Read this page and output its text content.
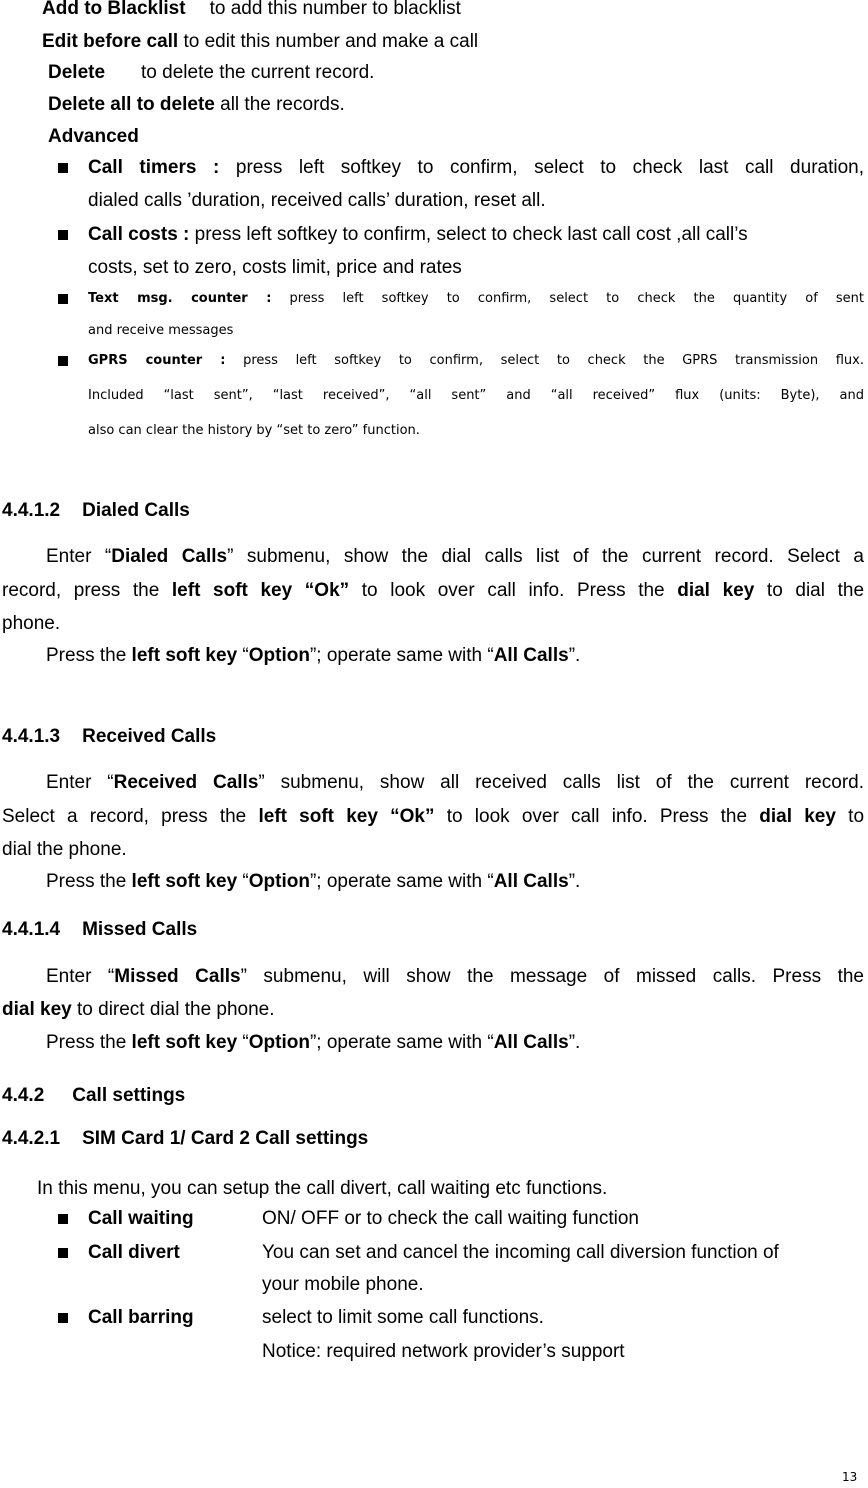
Add to Blacklist to add this number to blacklist
Edit before call to edit this number and make a call
Delete to delete the current record.
Delete all to delete all the records.
Advanced
Call timers : press left softkey to confirm, select to check last call duration,
dialed calls ’duration, received calls’ duration, reset all.
Call costs : press left softkey to confirm, select to check last call cost ,all call’s
costs, set to zero, costs limit, price and rates
Text msg. counter : press left softkey to confirm, select to check the quantity of sent
and receive messages
GPRS counter : press left softkey to confirm, select to check the GPRS transmission flux.
Included “last sent”, “last received”, “all sent” and “all received” flux (units: Byte), and
also can clear the history by “set to zero” function.
4.4.1.2 Dialed Calls
Enter “Dialed Calls” submenu, show the dial calls list of the current record. Select a
record, press the left soft key “Ok” to look over call info. Press the dial key to dial the
phone.
Press the left soft key “Option”; operate same with “All Calls”.
4.4.1.3 Received Calls
Enter “Received Calls” submenu, show all received calls list of the current record.
Select a record, press the left soft key “Ok” to look over call info. Press the dial key to
dial the phone.
Press the left soft key “Option”; operate same with “All Calls”.
4.4.1.4 Missed Calls
Enter “Missed Calls” submenu, will show the message of missed calls. Press the
dial key to direct dial the phone.
Press the left soft key “Option”; operate same with “All Calls”.
4.4.2 Call settings
4.4.2.1 SIM Card 1/ Card 2 Call settings
In this menu, you can setup the call divert, call waiting etc functions.
Call waiting	ON/ OFF or to check the call waiting function
Call divert	You can set and cancel the incoming call diversion function of
your mobile phone.
Call barring	select to limit some call functions.
Notice: required network provider’s support
13
